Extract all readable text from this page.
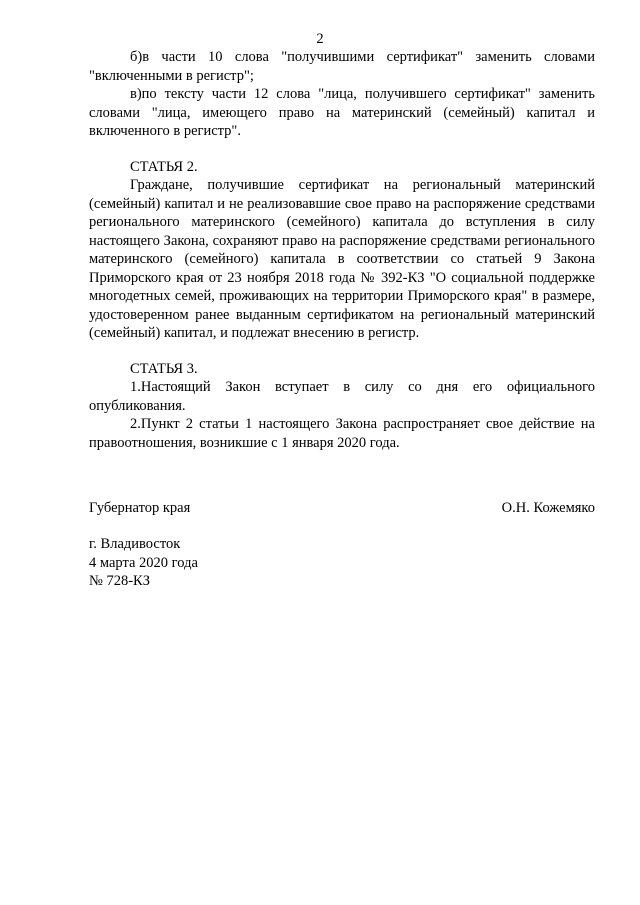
2

б)в части 10 слова "получившими сертификат" заменить словами "включенными в регистр";

в)по тексту части 12 слова "лица, получившего сертификат" заменить словами "лица, имеющего право на материнский (семейный) капитал и включенного в регистр".

СТАТЬЯ 2.

Граждане, получившие сертификат на региональный материнский (семейный) капитал и не реализовавшие свое право на распоряжение средствами регионального материнского (семейного) капитала до вступления в силу настоящего Закона, сохраняют право на распоряжение средствами регионального материнского (семейного) капитала в соответствии со статьей 9 Закона Приморского края от 23 ноября 2018 года № 392-КЗ "О социальной поддержке многодетных семей, проживающих на территории Приморского края" в размере, удостоверенном ранее выданным сертификатом на региональный материнский (семейный) капитал, и подлежат внесению в регистр.

СТАТЬЯ 3.

1.Настоящий Закон вступает в силу со дня его официального опубликования.

2.Пункт 2 статьи 1 настоящего Закона распространяет свое действие на правоотношения, возникшие с 1 января 2020 года.

Губернатор края	О.Н. Кожемяко
г. Владивосток
4 марта 2020 года
№ 728-КЗ
